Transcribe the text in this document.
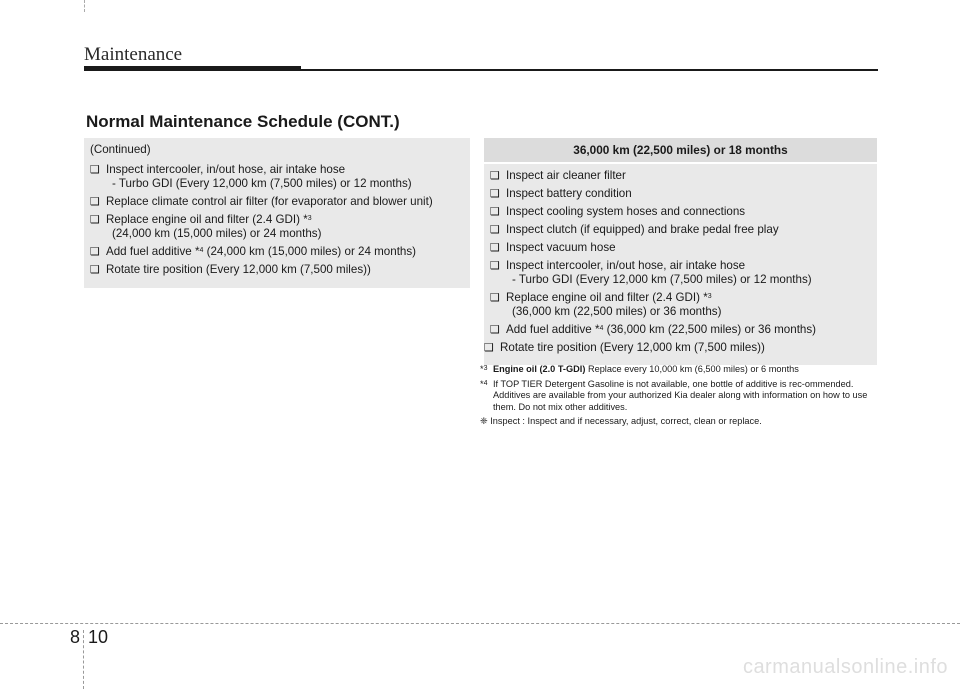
Maintenance
Normal Maintenance Schedule (CONT.)
(Continued)
❑ Inspect intercooler, in/out hose, air intake hose
- Turbo GDI (Every 12,000 km (7,500 miles) or 12 months)
❑ Replace climate control air filter (for evaporator and blower unit)
❑ Replace engine oil and filter (2.4 GDI) *$^3$
(24,000 km (15,000 miles) or 24 months)
❑ Add fuel additive *$^4$ (24,000 km (15,000 miles) or 24 months)
❑ Rotate tire position (Every 12,000 km (7,500 miles))
36,000 km (22,500 miles) or 18 months
❑ Inspect air cleaner filter
❑ Inspect battery condition
❑ Inspect cooling system hoses and connections
❑ Inspect clutch (if equipped) and brake pedal free play
❑ Inspect vacuum hose
❑ Inspect intercooler, in/out hose, air intake hose
- Turbo GDI (Every 12,000 km (7,500 miles) or 12 months)
❑ Replace engine oil and filter (2.4 GDI) *$^3$
(36,000 km (22,500 miles) or 36 months)
❑ Add fuel additive *$^4$ (36,000 km (22,500 miles) or 36 months)
❑ Rotate tire position (Every 12,000 km (7,500 miles))
*$^3$ Engine oil (2.0 T-GDI) Replace every 10,000 km (6,500 miles) or 6 months
*$^4$ If TOP TIER Detergent Gasoline is not available, one bottle of additive is rec-ommended. Additives are available from your authorized Kia dealer along with information on how to use them. Do not mix other additives.
❈ Inspect : Inspect and if necessary, adjust, correct, clean or replace.
8 10
carmanualsonline.info
